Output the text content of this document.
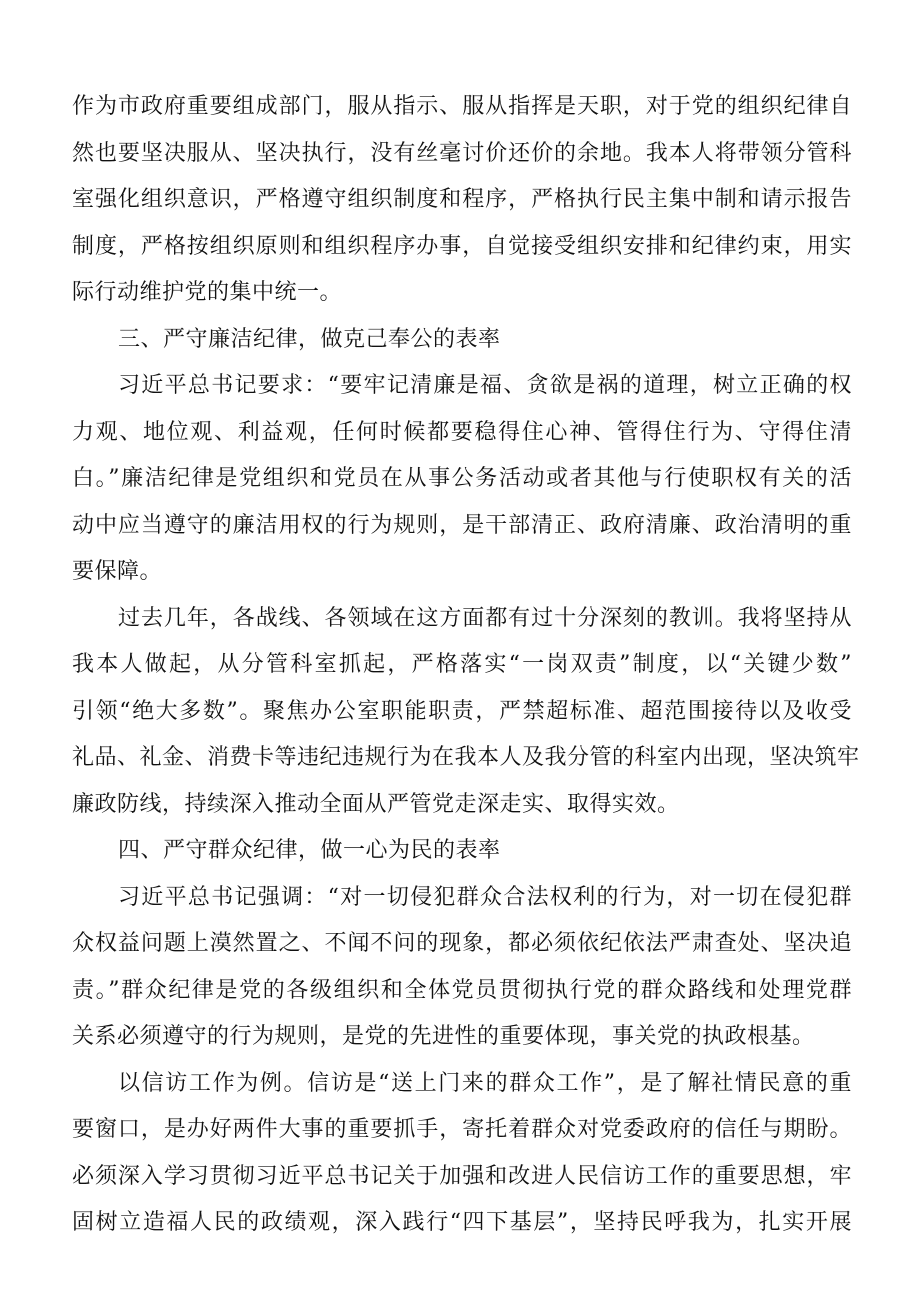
作为市政府重要组成部门，服从指示、服从指挥是天职，对于党的组织纪律自
然也要坚决服从、坚决执行，没有丝毫讨价还价的余地。我本人将带领分管科
室强化组织意识，严格遵守组织制度和程序，严格执行民主集中制和请示报告
制度，严格按组织原则和组织程序办事，自觉接受组织安排和纪律约束，用实
际行动维护党的集中统一。
三、严守廉洁纪律，做克己奉公的表率
习近平总书记要求：“要牢记清廉是福、贪欲是祸的道理，树立正确的权
力观、地位观、利益观，任何时候都要稳得住心神、管得住行为、守得住清
白。”廉洁纪律是党组织和党员在从事公务活动或者其他与行使职权有关的活
动中应当遵守的廉洁用权的行为规则，是干部清正、政府清廉、政治清明的重
要保障。
过去几年，各战线、各领域在这方面都有过十分深刻的教训。我将坚持从
我本人做起，从分管科室抓起，严格落实“一岗双责”制度，以“关键少数”
引领“绝大多数”。聚焦办公室职能职责，严禁超标准、超范围接待以及收受
礼品、礼金、消费卡等违纪违规行为在我本人及我分管的科室内出现，坚决筑牢
廉政防线，持续深入推动全面从严管党走深走实、取得实效。
四、严守群众纪律，做一心为民的表率
习近平总书记强调：“对一切侵犯群众合法权利的行为，对一切在侵犯群
众权益问题上漠然置之、不闻不问的现象，都必须依纪依法严肃查处、坚决追
责。”群众纪律是党的各级组织和全体党员贯彻执行党的群众路线和处理党群
关系必须遵守的行为规则，是党的先进性的重要体现，事关党的执政根基。
以信访工作为例。信访是“送上门来的群众工作”，是了解社情民意的重
要窗口，是办好两件大事的重要抓手，寄托着群众对党委政府的信任与期盼。
必须深入学习贯彻习近平总书记关于加强和改进人民信访工作的重要思想，牢
固树立造福人民的政绩观，深入践行“四下基层”，坚持民呼我为，扎实开展
